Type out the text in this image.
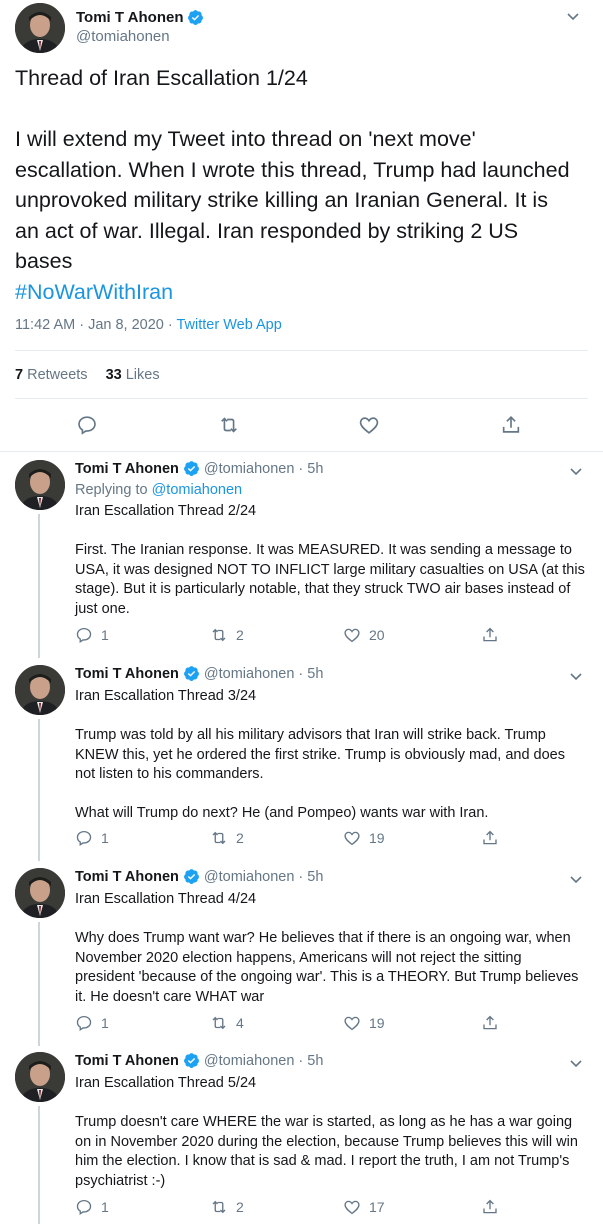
Tomi T Ahonen
@tomiahonen
Thread of Iran Escallation 1/24

I will extend my Tweet into thread on 'next move' escallation. When I wrote this thread, Trump had launched unprovoked military strike killing an Iranian General. It is an act of war. Illegal. Iran responded by striking 2 US bases
#NoWarWithIran
11:42 AM · Jan 8, 2020 · Twitter Web App
7 Retweets 33 Likes
Tomi T Ahonen @tomiahonen · 5h
Replying to @tomiahonen
Iran Escallation Thread 2/24

First. The Iranian response. It was MEASURED. It was sending a message to USA, it was designed NOT TO INFLICT large military casualties on USA (at this stage). But it is particularly notable, that they struck TWO air bases instead of just one.
1	2	20
Tomi T Ahonen @tomiahonen · 5h
Iran Escallation Thread 3/24

Trump was told by all his military advisors that Iran will strike back. Trump KNEW this, yet he ordered the first strike. Trump is obviously mad, and does not listen to his commanders.

What will Trump do next? He (and Pompeo) wants war with Iran.
1	2	19
Tomi T Ahonen @tomiahonen · 5h
Iran Escallation Thread 4/24

Why does Trump want war? He believes that if there is an ongoing war, when November 2020 election happens, Americans will not reject the sitting president 'because of the ongoing war'. This is a THEORY. But Trump believes it. He doesn't care WHAT war
1	4	19
Tomi T Ahonen @tomiahonen · 5h
Iran Escallation Thread 5/24

Trump doesn't care WHERE the war is started, as long as he has a war going on in November 2020 during the election, because Trump believes this will win him the election. I know that is sad & mad. I report the truth, I am not Trump's psychiatrist :-)
1	2	17
